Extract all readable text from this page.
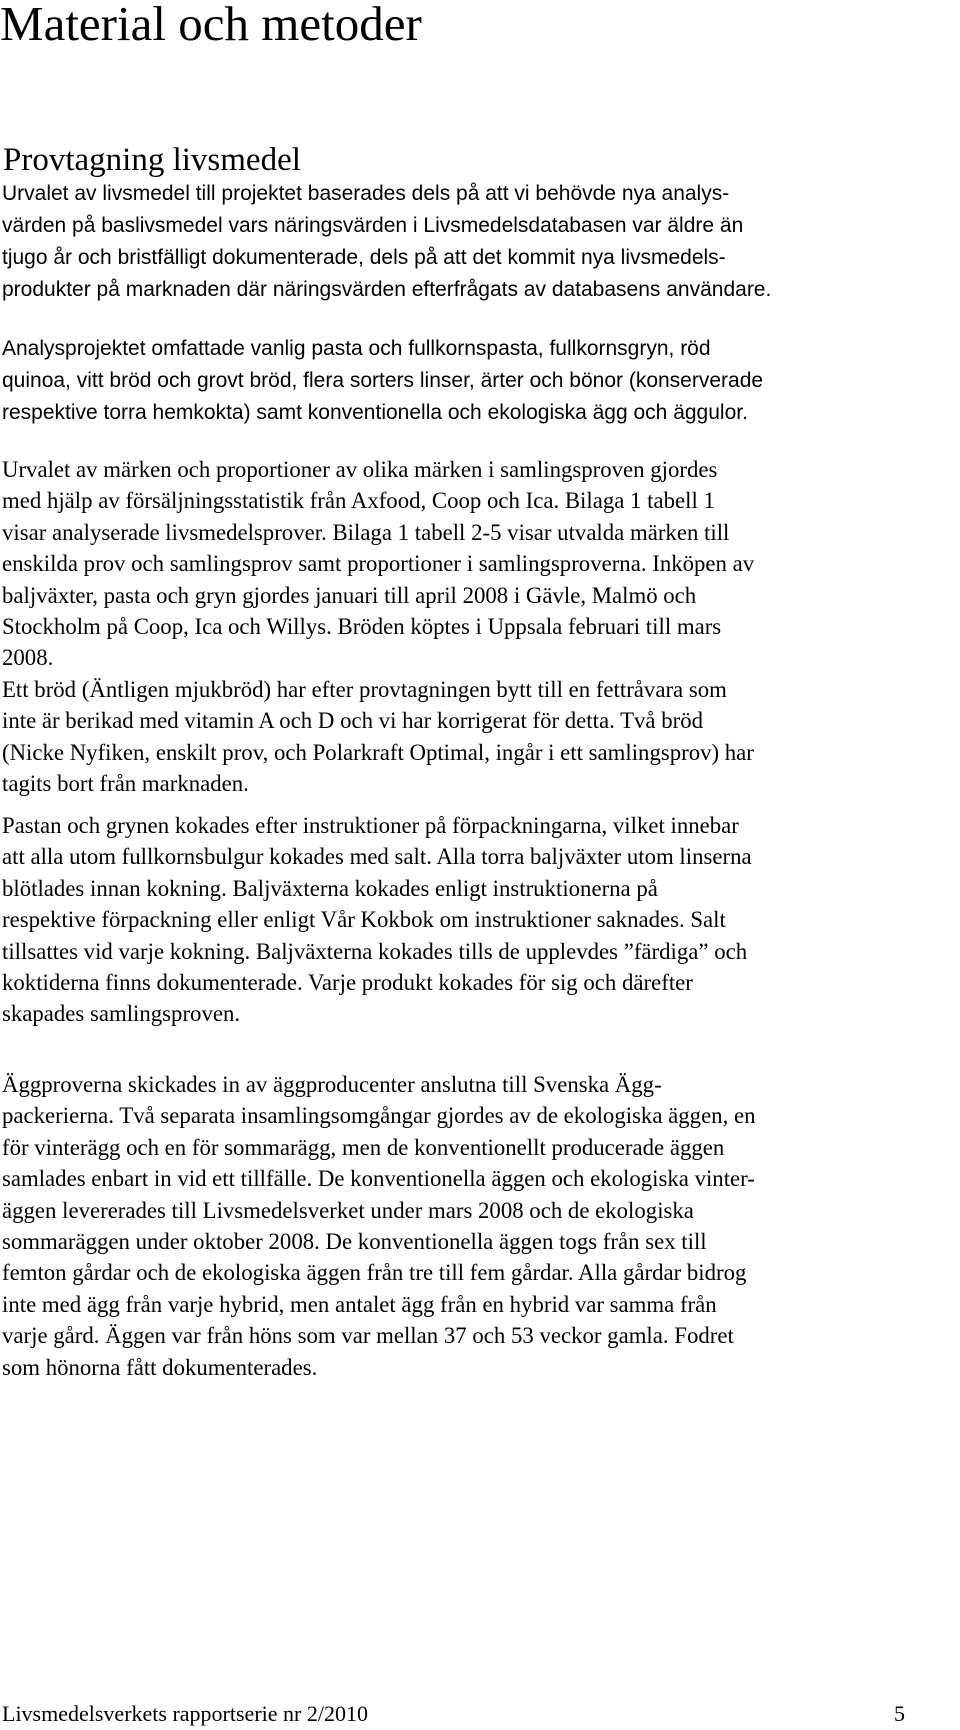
Material och metoder
Provtagning livsmedel

Urvalet av livsmedel till projektet baserades dels på att vi behövde nya analys-
värden på baslivsmedel vars näringsvärden i Livsmedelsdatabasen var äldre än
tjugo år och bristfälligt dokumenterade, dels på att det kommit nya livsmedels-
produkter på marknaden där näringsvärden efterfrågats av databasens användare.

Analysprojektet omfattade vanlig pasta och fullkornspasta, fullkornsgryn, röd
quinoa, vitt bröd och grovt bröd, flera sorters linser, ärter och bönor (konserverade
respektive torra hemkokta) samt konventionella och ekologiska ägg och äggulor.

Urvalet av märken och proportioner av olika märken i samlingsproven gjordes
med hjälp av försäljningsstatistik från Axfood, Coop och Ica. Bilaga 1 tabell 1
visar analyserade livsmedelsprover. Bilaga 1 tabell 2-5 visar utvalda märken till
enskilda prov och samlingsprov samt proportioner i samlingsproverna. Inköpen av
baljväxter, pasta och gryn gjordes januari till april 2008 i Gävle, Malmö och
Stockholm på Coop, Ica och Willys. Bröden köptes i Uppsala februari till mars
2008.
Ett bröd (Äntligen mjukbröd) har efter provtagningen bytt till en fettråvara som
inte är berikad med vitamin A och D och vi har korrigerat för detta. Två bröd
(Nicke Nyfiken, enskilt prov, och Polarkraft Optimal, ingår i ett samlingsprov) har
tagits bort från marknaden.

Pastan och grynen kokades efter instruktioner på förpackningarna, vilket innebar
att alla utom fullkornsbulgur kokades med salt. Alla torra baljväxter utom linserna
blötlades innan kokning. Baljväxterna kokades enligt instruktionerna på
respektive förpackning eller enligt Vår Kokbok om instruktioner saknades. Salt
tillsattes vid varje kokning. Baljväxterna kokades tills de upplevdes ”färdiga” och
koktiderna finns dokumenterade. Varje produkt kokades för sig och därefter
skapades samlingsproven.

Äggproverna skickades in av äggproducenter anslutna till Svenska Ägg-
packerierna. Två separata insamlingsomgångar gjordes av de ekologiska äggen, en
för vinterägg och en för sommarägg, men de konventionellt producerade äggen
samlades enbart in vid ett tillfälle. De konventionella äggen och ekologiska vinter-
äggen levererades till Livsmedelsverket under mars 2008 och de ekologiska
sommaräggen under oktober 2008. De konventionella äggen togs från sex till
femton gårdar och de ekologiska äggen från tre till fem gårdar. Alla gårdar bidrog
inte med ägg från varje hybrid, men antalet ägg från en hybrid var samma från
varje gård. Äggen var från höns som var mellan 37 och 53 veckor gamla. Fodret
som hönorna fått dokumenterades.

Livsmedelsverkets rapportserie nr 2/2010	5
